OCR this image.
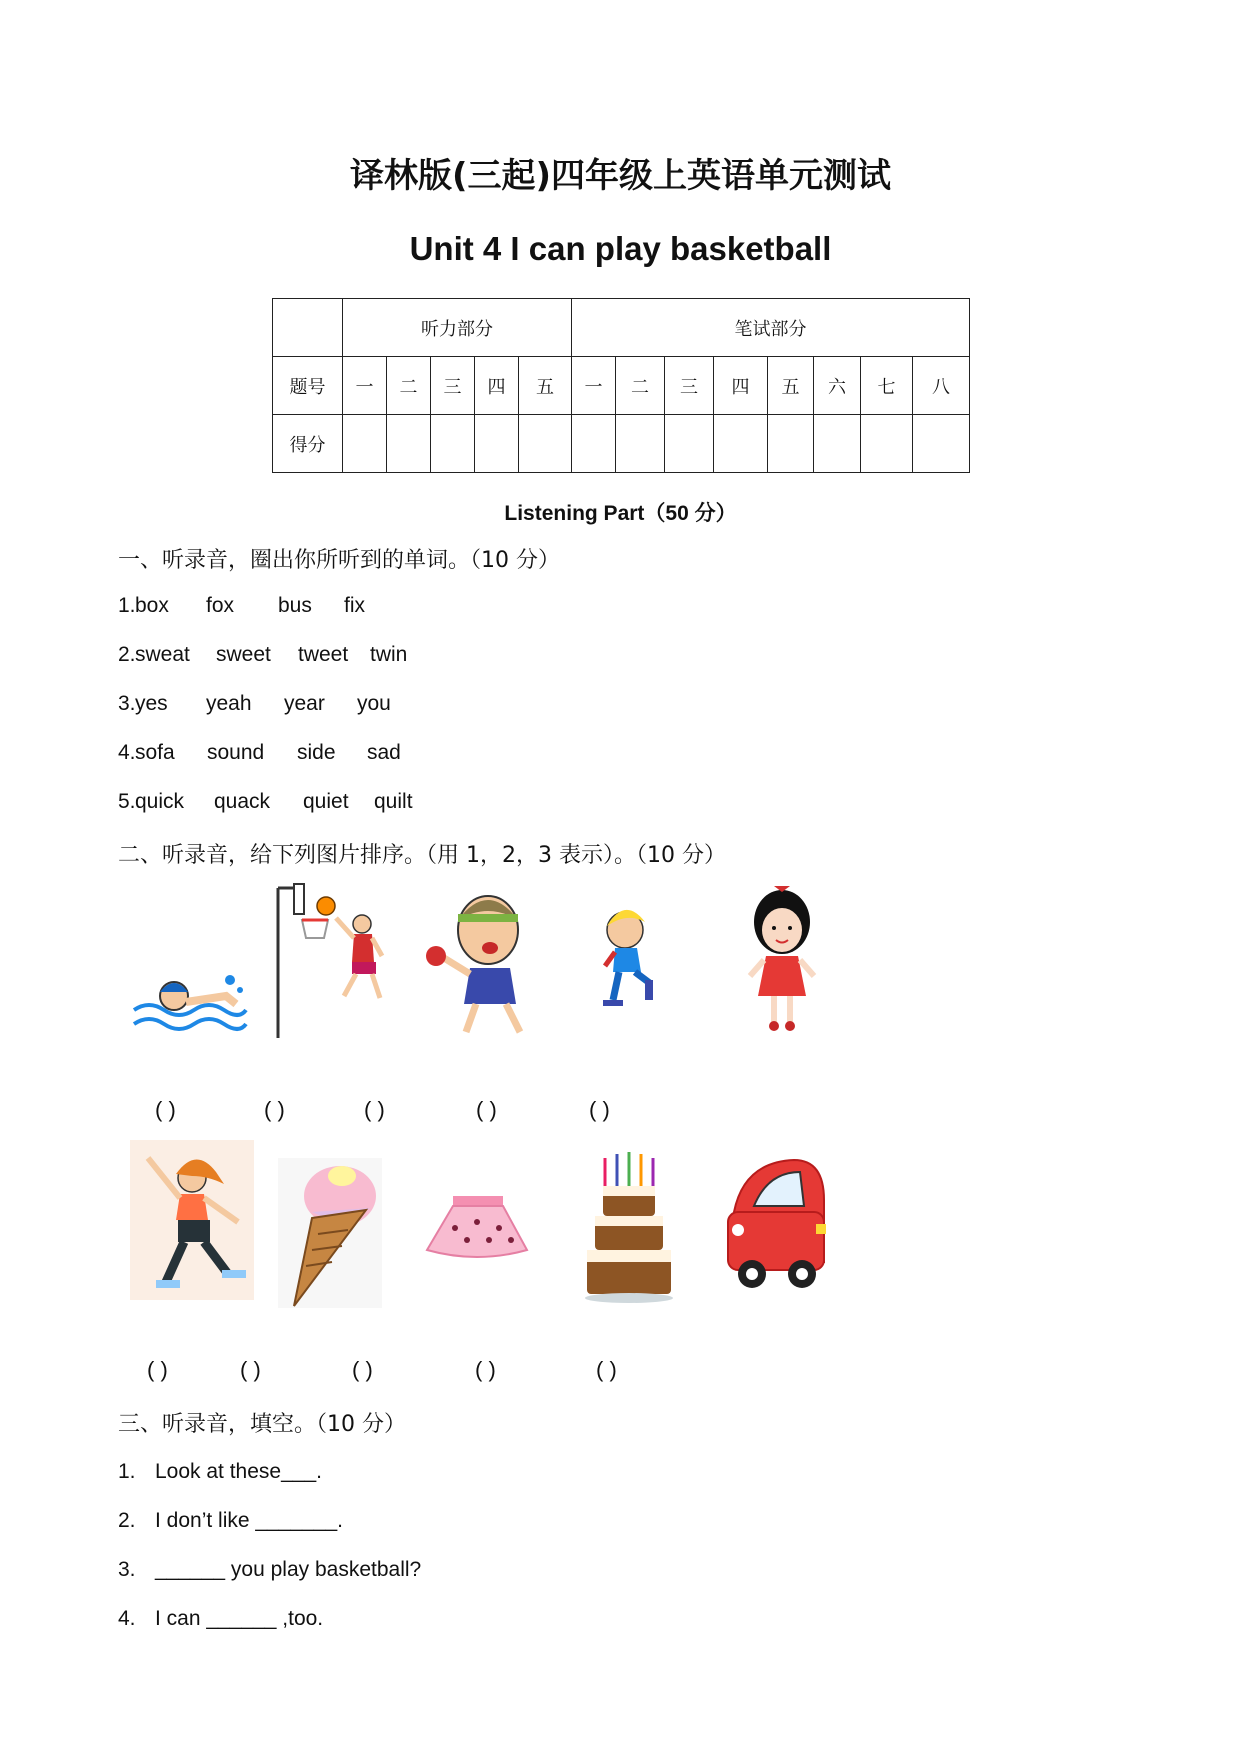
译林版(三起)四年级上英语单元测试
Unit 4 I can play basketball
	听力部分					笔试部分							
题号	一	二	三	四	五	一	二	三	四	五	六	七	八
得分													
Listening Part（50 分）
一、听录音，圈出你所听到的单词。（10 分）
1. box fox bus fix
2. sweat sweet tweet twin
3. yes yeah year you
4. sofa sound side sad
5. quick quack quiet quilt
二、听录音，给下列图片排序。（用 1，2，3 表示）。（10 分）
( )	( )	( )	( )	( )
( )	( )	( )	( )	( )
三、听录音，填空。（10 分）
1. Look at these___.
2. I don’t like _______.
3. ______ you play basketball?
4. I can ______ ,too.
